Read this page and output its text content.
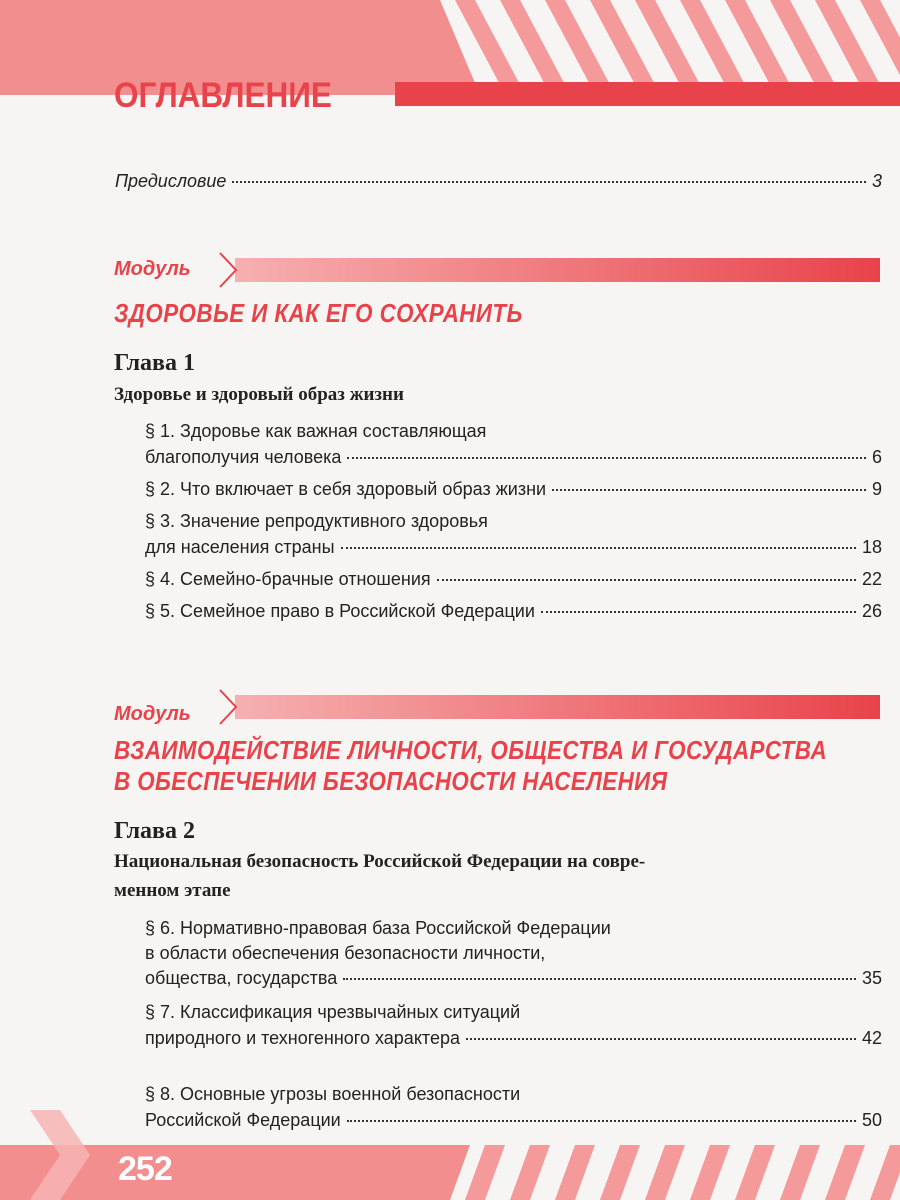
ОГЛАВЛЕНИЕ
Предисловие	3
Модуль
ЗДОРОВЬЕ И КАК ЕГО СОХРАНИТЬ
Глава 1
Здоровье и здоровый образ жизни
§ 1. Здоровье как важная составляющая
благополучия человека	6
§ 2. Что включает в себя здоровый образ жизни	9
§ 3. Значение репродуктивного здоровья
для населения страны	18
§ 4. Семейно-брачные отношения	22
§ 5. Семейное право в Российской Федерации	26
Модуль
ВЗАИМОДЕЙСТВИЕ ЛИЧНОСТИ, ОБЩЕСТВА И ГОСУДАРСТВА
В ОБЕСПЕЧЕНИИ БЕЗОПАСНОСТИ НАСЕЛЕНИЯ
Глава 2
Национальная безопасность Российской Федерации на совре-
менном этапе
§ 6. Нормативно-правовая база Российской Федерации
в области обеспечения безопасности личности,
общества, государства	35
§ 7. Классификация чрезвычайных ситуаций
природного и техногенного характера	42
§ 8. Основные угрозы военной безопасности
Российской Федерации	50
252
